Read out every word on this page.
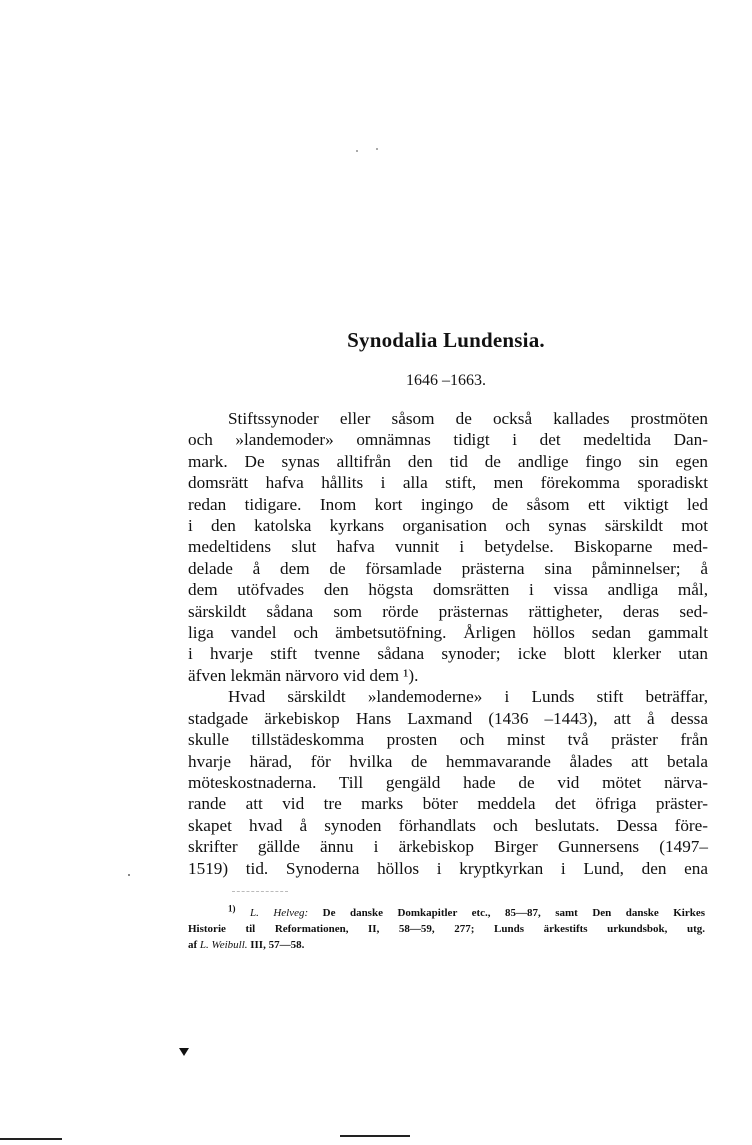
Synodalia Lundensia.
1646 –1663.
Stiftssynoder eller såsom de också kallades prostmöten
och »landemoder» omnämnas tidigt i det medeltida Dan-
mark. De synas alltifrån den tid de andlige fingo sin egen
domsrätt hafva hållits i alla stift, men förekomma sporadiskt
redan tidigare. Inom kort ingingo de såsom ett viktigt led
i den katolska kyrkans organisation och synas särskildt mot
medeltidens slut hafva vunnit i betydelse. Biskoparne med-
delade å dem de församlade prästerna sina påminnelser; å
dem utöfvades den högsta domsrätten i vissa andliga mål,
särskildt sådana som rörde prästernas rättigheter, deras sed-
liga vandel och ämbetsutöfning. Årligen höllos sedan gammalt
i hvarje stift tvenne sådana synoder; icke blott klerker utan
äfven lekmän närvoro vid dem ¹).
Hvad särskildt »landemoderne» i Lunds stift beträffar,
stadgade ärkebiskop Hans Laxmand (1436 –1443), att å dessa
skulle tillstädeskomma prosten och minst två präster från
hvarje härad, för hvilka de hemmavarande ålades att betala
möteskostnaderna. Till gengäld hade de vid mötet närva-
rande att vid tre marks böter meddela det öfriga präster-
skapet hvad å synoden förhandlats och beslutats. Dessa före-
skrifter gällde ännu i ärkebiskop Birger Gunnersens (1497–
1519) tid. Synoderna höllos i kryptkyrkan i Lund, den ena
$^{1)}$ L. Helveg: De danske Domkapitler etc., 85—87, samt Den danske Kirkes
Historie til Reformationen, II, 58—59, 277; Lunds ärkestifts urkundsbok, utg.
af L. Weibull. III, 57—58.
